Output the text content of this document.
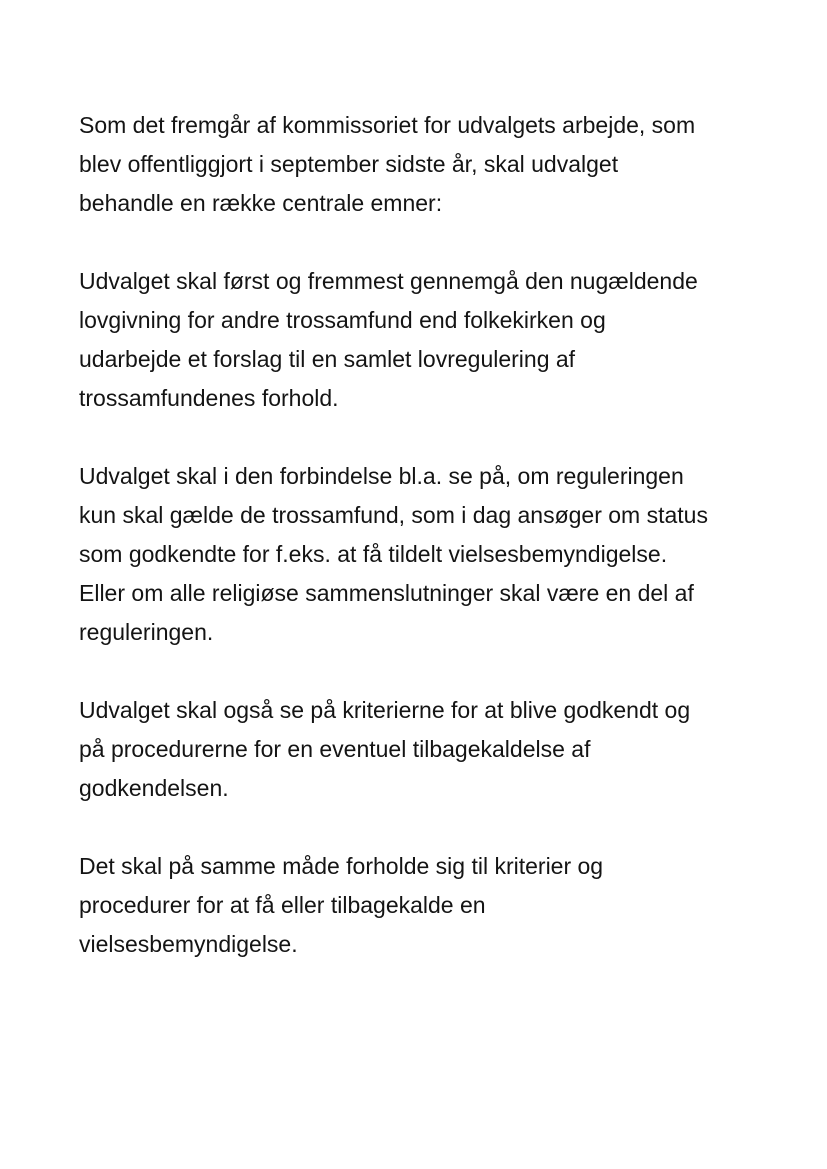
Som det fremgår af kommissoriet for udvalgets arbejde, som
blev offentliggjort i september sidste år, skal udvalget
behandle en række centrale emner:
Udvalget skal først og fremmest gennemgå den nugældende
lovgivning for andre trossamfund end folkekirken og
udarbejde et forslag til en samlet lovregulering af
trossamfundenes forhold.
Udvalget skal i den forbindelse bl.a. se på, om reguleringen
kun skal gælde de trossamfund, som i dag ansøger om status
som godkendte for f.eks. at få tildelt vielsesbemyndigelse.
Eller om alle religiøse sammenslutninger skal være en del af
reguleringen.
Udvalget skal også se på kriterierne for at blive godkendt og
på procedurerne for en eventuel tilbagekaldelse af
godkendelsen.
Det skal på samme måde forholde sig til kriterier og
procedurer for at få eller tilbagekalde en
vielsesbemyndigelse.
